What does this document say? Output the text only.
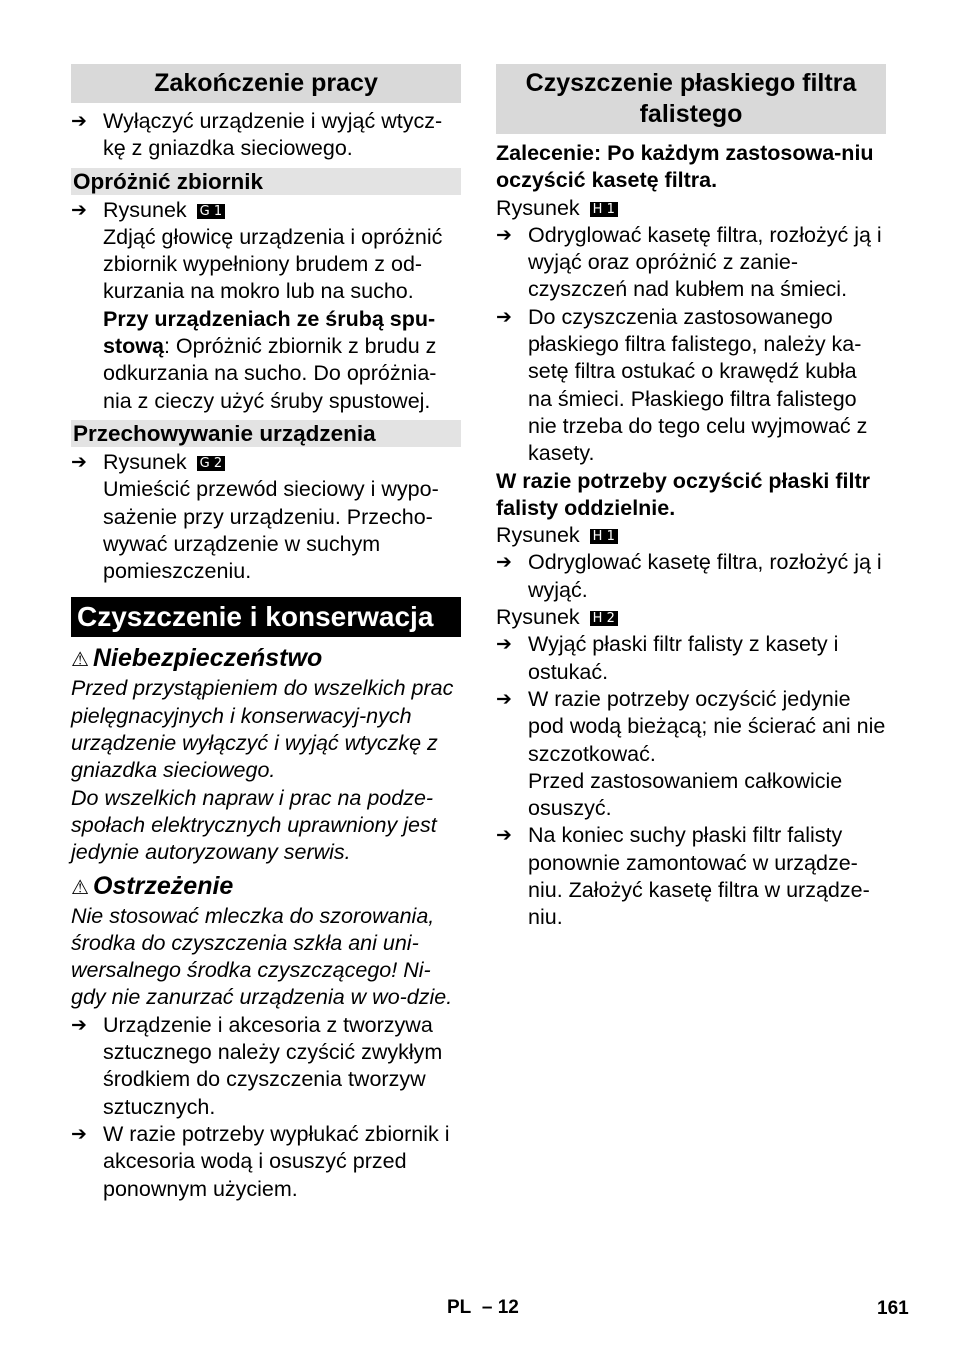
Zakończenie pracy
➔ Wyłączyć urządzenie i wyjąć wtycz-kę z gniazdka sieciowego.
Opróżnić zbiornik
➔ Rysunek G 1
Zdjąć głowicę urządzenia i opróżnić zbiornik wypełniony brudem z od-kurzania na mokro lub na sucho.
Przy urządzeniach ze śrubą spu-stową: Opróżnić zbiornik z brudu z odkurzania na sucho. Do opróżnia-nia z cieczy użyć śruby spustowej.
Przechowywanie urządzenia
➔ Rysunek G 2
Umieścić przewód sieciowy i wypo-sażenie przy urządzeniu. Przecho-wywać urządzenie w suchym pomieszczeniu.
Czyszczenie i konserwacja
⚠ Niebezpieczeństwo
Przed przystąpieniem do wszelkich prac pielęgnacyjnych i konserwacyj-nych urządzenie wyłączyć i wyjąć wtyczkę z gniazdka sieciowego.
Do wszelkich napraw i prac na podze-społach elektrycznych uprawniony jest jedynie autoryzowany serwis.
⚠ Ostrzeżenie
Nie stosować mleczka do szorowania, środka do czyszczenia szkła ani uni-wersalnego środka czyszczącego! Ni-gdy nie zanurzać urządzenia w wo-dzie.
➔ Urządzenie i akcesoria z tworzywa sztucznego należy czyścić zwykłym środkiem do czyszczenia tworzyw sztucznych.
➔ W razie potrzeby wypłukać zbiornik i akcesoria wodą i osuszyć przed ponownym użyciem.
Czyszczenie płaskiego filtra falistego
Zalecenie: Po każdym zastosowa-niu oczyścić kasetę filtra.
Rysunek H 1
➔ Odryglować kasetę filtra, rozłożyć ją i wyjąć oraz opróżnić z zanie-czyszczeń nad kubłem na śmieci.
➔ Do czyszczenia zastosowanego płaskiego filtra falistego, należy ka-setę filtra ostukać o krawędź kubła na śmieci. Płaskiego filtra falistego nie trzeba do tego celu wyjmować z kasety.
W razie potrzeby oczyścić płaski filtr falisty oddzielnie.
Rysunek H 1
➔ Odryglować kasetę filtra, rozłożyć ją i wyjąć.
Rysunek H 2
➔ Wyjąć płaski filtr falisty z kasety i ostukać.
➔ W razie potrzeby oczyścić jedynie pod wodą bieżącą; nie ścierać ani nie szczotkować.
Przed zastosowaniem całkowicie osuszyć.
➔ Na koniec suchy płaski filtr falisty ponownie zamontować w urządze-niu. Założyć kasetę filtra w urządze-niu.
PL – 12	161
